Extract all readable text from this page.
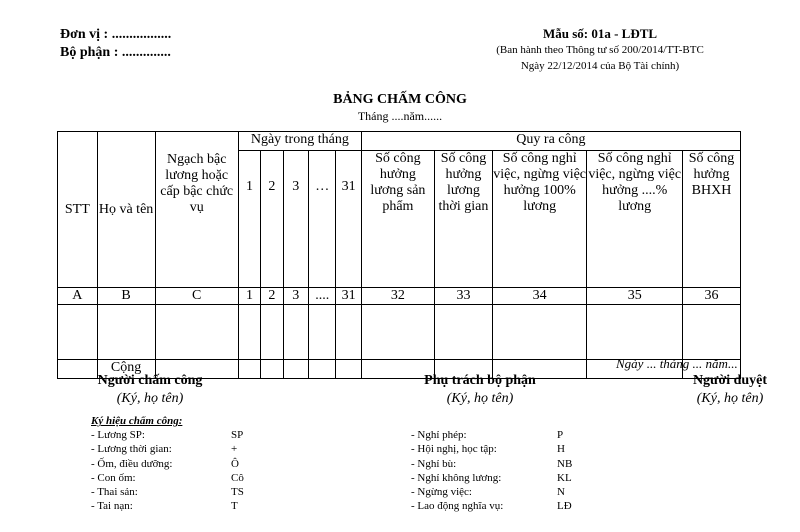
Đơn vị : .................
Bộ phận : ..............
Mẫu số: 01a - LĐTL
(Ban hành theo Thông tư số 200/2014/TT-BTC
Ngày 22/12/2014 của Bộ Tài chính)
BẢNG CHẤM CÔNG
Tháng ....năm......
STT	Họ và tên	Ngạch bậc lương hoặc cấp bậc chức vụ	Ngày trong tháng					Quy ra công				
			1	2	3	…	31	Số công hưởng lương sản phẩm	Số công hưởng lương thời gian	Số công nghỉ việc, ngừng việc hưởng 100% lương	Số công nghỉ việc, ngừng việc hưởng ....% lương	Số công hưởng BHXH
A	B	C	1	2	3	....	31	32	33	34	35	36

	Cộng												Ngày ... tháng ... năm...
Người chấm công
(Ký, họ tên)
Phụ trách bộ phận
(Ký, họ tên)
Người duyệt
(Ký, họ tên)
Ký hiệu chấm công:
- Lương SP:	SP
- Lương thời gian:	+
- Ốm, điều dưỡng:	Ô
- Con ốm:	Cô
- Thai sản:	TS
- Tai nạn:	T
- Nghỉ phép:	P
- Hội nghị, học tập:	H
- Nghỉ bù:	NB
- Nghỉ không lương:	KL
- Ngừng việc:	N
- Lao động nghĩa vụ:	LĐ
